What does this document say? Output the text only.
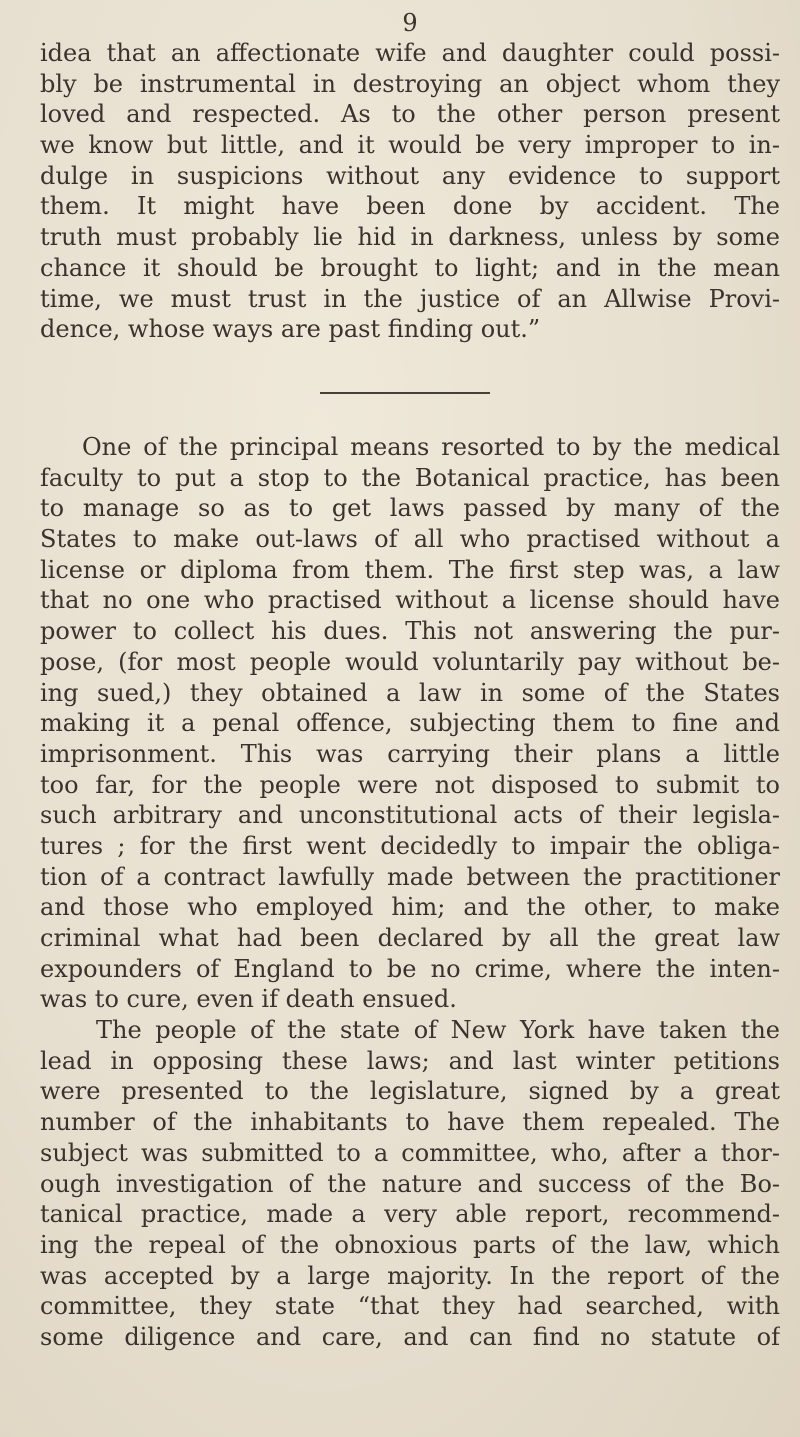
9
idea that an affectionate wife and daughter could possi-
bly be instrumental in destroying an object whom they
loved and respected. As to the other person present
we know but little, and it would be very improper to in-
dulge in suspicions without any evidence to support
them. It might have been done by accident. The
truth must probably lie hid in darkness, unless by some
chance it should be brought to light; and in the mean
time, we must trust in the justice of an Allwise Provi-
dence, whose ways are past finding out.”
One of the principal means resorted to by the medical
faculty to put a stop to the Botanical practice, has been
to manage so as to get laws passed by many of the
States to make out-laws of all who practised without a
license or diploma from them. The first step was, a law
that no one who practised without a license should have
power to collect his dues. This not answering the pur-
pose, (for most people would voluntarily pay without be-
ing sued,) they obtained a law in some of the States
making it a penal offence, subjecting them to fine and
imprisonment. This was carrying their plans a little
too far, for the people were not disposed to submit to
such arbitrary and unconstitutional acts of their legisla-
tures ; for the first went decidedly to impair the obliga-
tion of a contract lawfully made between the practitioner
and those who employed him; and the other, to make
criminal what had been declared by all the great law
expounders of England to be no crime, where the inten-
was to cure, even if death ensued.
The people of the state of New York have taken the
lead in opposing these laws; and last winter petitions
were presented to the legislature, signed by a great
number of the inhabitants to have them repealed. The
subject was submitted to a committee, who, after a thor-
ough investigation of the nature and success of the Bo-
tanical practice, made a very able report, recommend-
ing the repeal of the obnoxious parts of the law, which
was accepted by a large majority. In the report of the
committee, they state “that they had searched, with
some diligence and care, and can find no statute of
